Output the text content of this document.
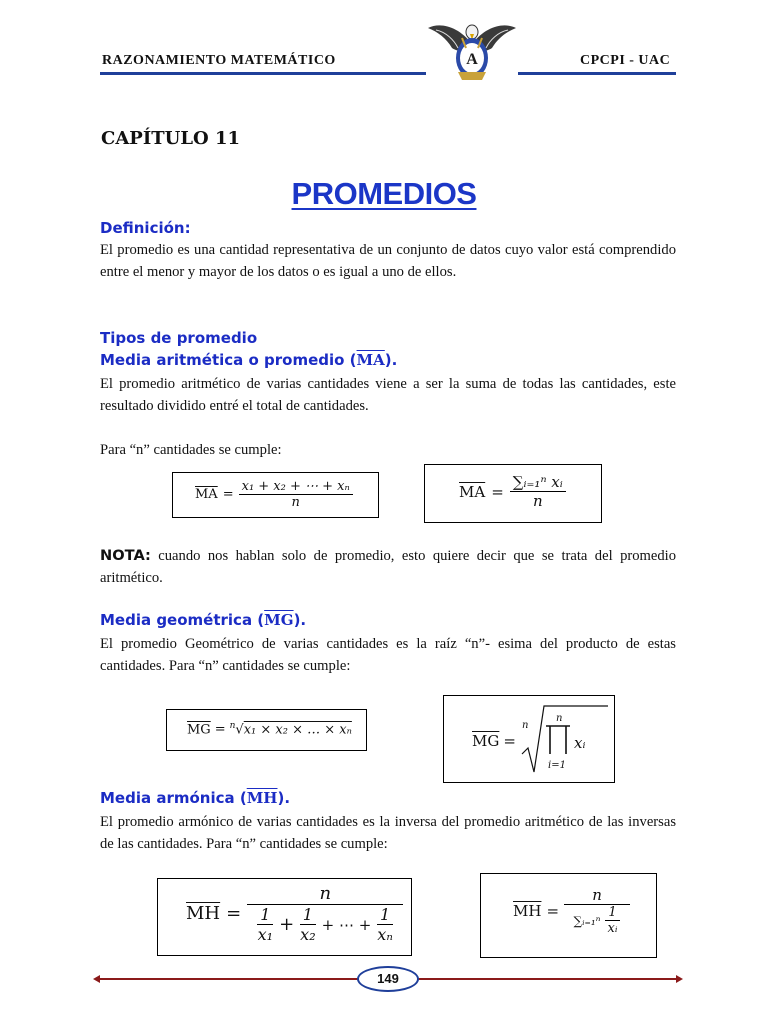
RAZONAMIENTO MATEMÁTICO	CPCPI - UAC
A
CAPÍTULO 11
PROMEDIOS
Definición:

El promedio es una cantidad representativa de un conjunto de datos cuyo valor está comprendido entre el menor y mayor de los datos o es igual a uno de ellos.

Tipos de promedio
Media aritmética o promedio $(\overline{MA})$.

El promedio aritmético de varias cantidades viene a ser la suma de todas las cantidades, este resultado dividido entré el total de cantidades.

Para “n” cantidades se cumple:

$\overline{MA} = \frac{\text{x₁ + x₂ + ⋯ + xₙ}}{n}$	$\overline{MA} = \frac{\text{∑ᵢ₌₁ⁿ xᵢ}}{n}$

NOTA: cuando nos hablan solo de promedio, esto quiere decir que se trata del promedio aritmético.

Media geométrica $(\overline{MG})$.

El promedio Geométrico de varias cantidades es la raíz “n”- esima del producto de estas cantidades. Para “n” cantidades se cumple:

$\overline{MG} = ^n√x_1 \times x_2$ × … × xₙ
$\overline{MG}$ =
n
n
i=1
xᵢ
Media armónica $(\overline{MH})$.

El promedio armónico de varias cantidades es la inversa del promedio aritmético de las inversas de las cantidades. Para “n” cantidades se cumple:

$\overline{MH} = \frac{n}{\frac{1}{\text{x₁}} + \frac{1}{\text{x₂}} + \cdots + \frac{1}{\text{xₙ}}}$	$\overline{MH} = \frac{n}{\sum ᵢ_{=1}^n \frac{1}{\text{xᵢ}}}$
149
